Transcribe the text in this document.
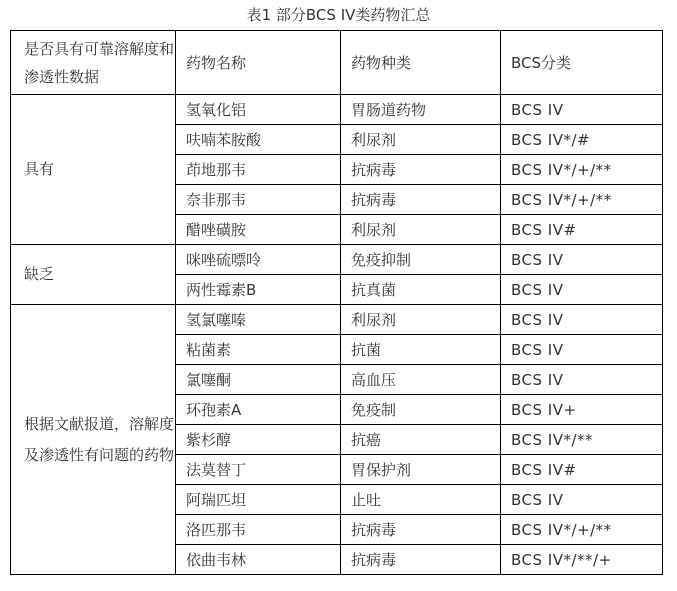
表1 部分BCS IV类药物汇总
是否具有可靠溶解度和渗透性数据	药物名称	药物种类	BCS分类
具有	氢氧化铝	胃肠道药物	BCS IV
	呋喃苯胺酸	利尿剂	BCS IV*/#
	茚地那韦	抗病毒	BCS IV*/+/**
	奈非那韦	抗病毒	BCS IV*/+/**
	醋唑磺胺	利尿剂	BCS IV#
缺乏	咪唑硫嘌呤	免疫抑制	BCS IV
	两性霉素B	抗真菌	BCS IV
根据文献报道，溶解度及渗透性有问题的药物	氢氯噻嗪	利尿剂	BCS IV
	粘菌素	抗菌	BCS IV
	氯噻酮	高血压	BCS IV
	环孢素A	免疫制	BCS IV+
	紫杉醇	抗癌	BCS IV*/**
	法莫替丁	胃保护剂	BCS IV#
	阿瑞匹坦	止吐	BCS IV
	洛匹那韦	抗病毒	BCS IV*/+/**
	依曲韦林	抗病毒	BCS IV*/**/+
